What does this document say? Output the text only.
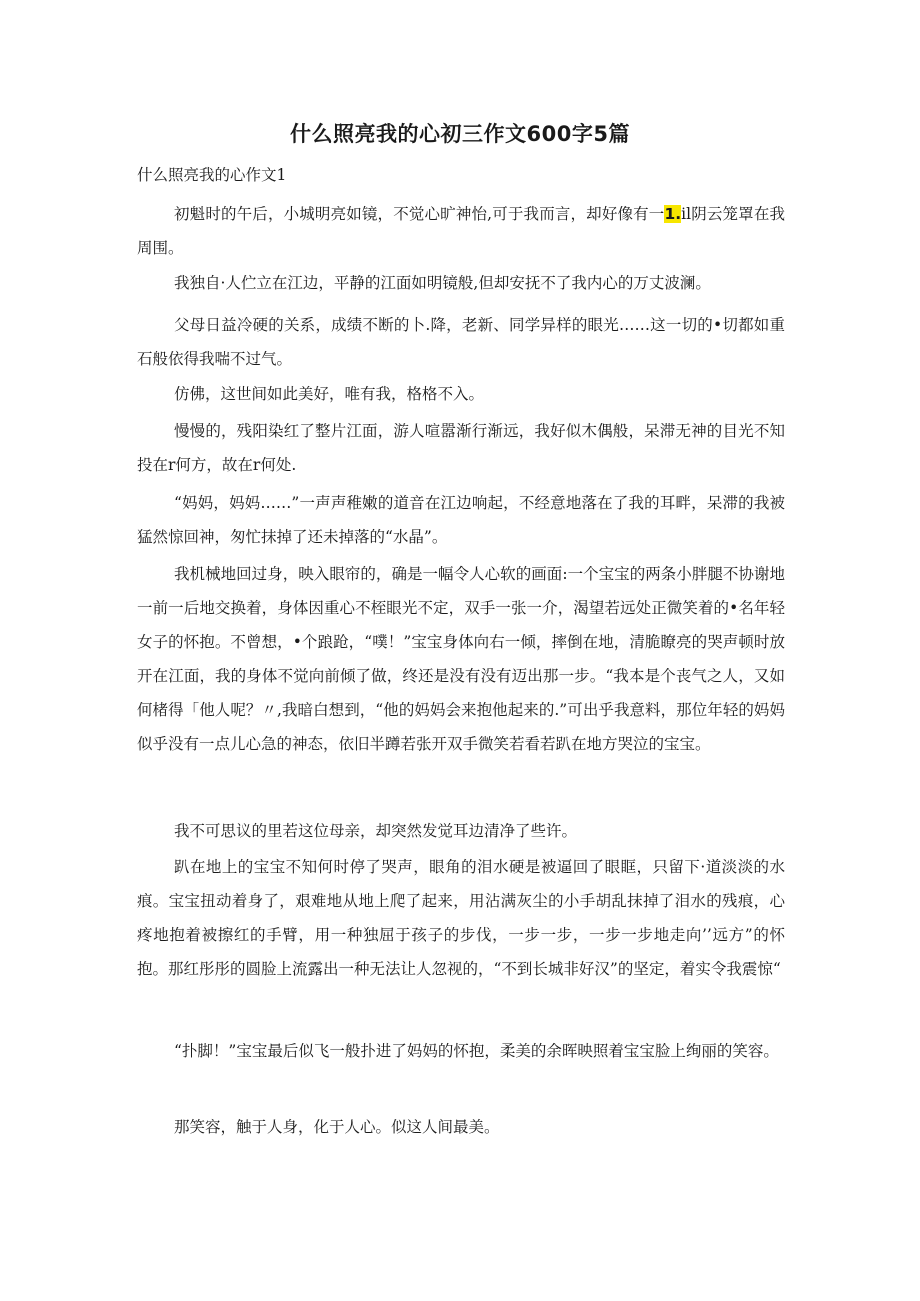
什么照亮我的心初三作文600字5篇

什么照亮我的心作文1

初魁时的午后，小城明亮如镜，不觉心旷神怡,可于我而言，却好像有一1.il阴云笼罩在我周围。

我独自·人伫立在江边，平静的江面如明镜般,但却安抚不了我内心的万丈波澜。

父母日益冷硬的关系，成绩不断的卜.降，老新、同学异样的眼光……这一切的•切都如重石般依得我喘不过气。

仿佛，这世间如此美好，唯有我，格格不入。

慢慢的，残阳染红了整片江面，游人喧嚣渐行渐远，我好似木偶般，呆滞无神的目光不知投在r何方，故在r何处.

“妈妈，妈妈……”一声声稚嫩的道音在江边响起，不经意地落在了我的耳畔，呆滞的我被猛然惊回神，匆忙抹掉了还未掉落的“水晶”。

我机械地回过身，映入眼帘的，确是一幅令人心软的画面:一个宝宝的两条小胖腿不协谢地一前一后地交换着，身体因重心不桎眼光不定，双手一张一介，渴望若远处正微笑着的•名年轻女子的怀抱。不曾想，•个踉跄，“噗！”宝宝身体向右一倾，摔倒在地，清脆瞭亮的哭声顿时放开在江面，我的身体不觉向前倾了做，终还是没有没有迈出那一步。“我本是个丧气之人，又如何楮得「他人呢？〃,我暗白想到，“他的妈妈会来抱他起来的.”可出乎我意料，那位年轻的妈妈似乎没有一点儿心急的神态，依旧半蹲若张开双手微笑若看若趴在地方哭泣的宝宝。

我不可思议的里若这位母亲，却突然发觉耳边清净了些许。

趴在地上的宝宝不知何时停了哭声，眼角的泪水硬是被逼回了眼眶，只留下·道淡淡的水痕。宝宝扭动着身了，艰难地从地上爬了起来，用沾满灰尘的小手胡乱抹掉了泪水的残痕，心疼地抱着被擦红的手臂，用一种独屈于孩子的步伐，一步一步，一步一步地走向’’远方”的怀抱。那红彤彤的圆脸上流露出一种无法让人忽视的，“不到长城非好汉”的坚定，着实令我震惊“

“扑脚！”宝宝最后似飞一般扑进了妈妈的怀抱，柔美的余晖映照着宝宝脸上绚丽的笑容。

那笑容，触于人身，化于人心。似这人间最美。
